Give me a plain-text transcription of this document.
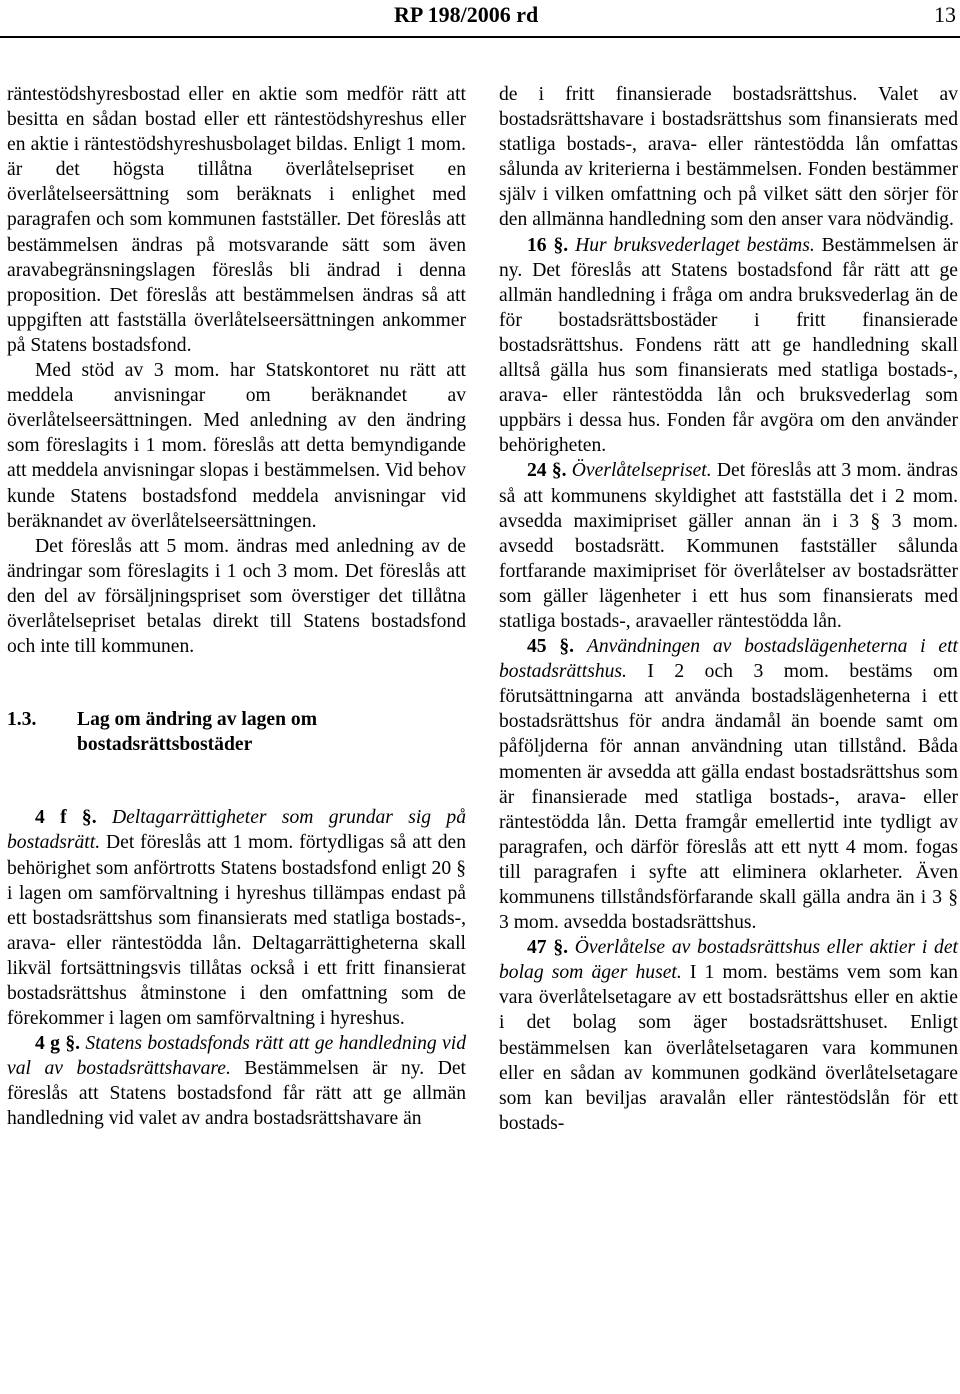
RP 198/2006 rd	13

räntestödshyresbostad eller en aktie som medför rätt att besitta en sådan bostad eller ett räntestödshyreshus eller en aktie i räntestödshyreshusbolaget bildas. Enligt 1 mom. är det högsta tillåtna överlåtelsepriset en överlåtelseersättning som beräknats i enlighet med paragrafen och som kommunen fastställer. Det föreslås att bestämmelsen ändras på motsvarande sätt som även aravabegränsningslagen föreslås bli ändrad i denna proposition. Det föreslås att bestämmelsen ändras så att uppgiften att fastställa överlåtelseersättningen ankommer på Statens bostadsfond.

Med stöd av 3 mom. har Statskontoret nu rätt att meddela anvisningar om beräknandet av överlåtelseersättningen. Med anledning av den ändring som föreslagits i 1 mom. föreslås att detta bemyndigande att meddela anvisningar slopas i bestämmelsen. Vid behov kunde Statens bostadsfond meddela anvisningar vid beräknandet av överlåtelseersättningen.

Det föreslås att 5 mom. ändras med anledning av de ändringar som föreslagits i 1 och 3 mom. Det föreslås att den del av försäljningspriset som överstiger det tillåtna överlåtelsepriset betalas direkt till Statens bostadsfond och inte till kommunen.

1.3.	Lag om ändring av lagen om bostadsrättsbostäder

4 f §. Deltagarrättigheter som grundar sig på bostadsrätt. Det föreslås att 1 mom. förtydligas så att den behörighet som anförtrotts Statens bostadsfond enligt 20 § i lagen om samförvaltning i hyreshus tillämpas endast på ett bostadsrättshus som finansierats med statliga bostads-, arava- eller räntestödda lån. Deltagarrättigheterna skall likväl fortsättningsvis tillåtas också i ett fritt finansierat bostadsrättshus åtminstone i den omfattning som de förekommer i lagen om samförvaltning i hyreshus.

4 g §. Statens bostadsfonds rätt att ge handledning vid val av bostadsrättshavare. Bestämmelsen är ny. Det föreslås att Statens bostadsfond får rätt att ge allmän handledning vid valet av andra bostadsrättshavare än

de i fritt finansierade bostadsrättshus. Valet av bostadsrättshavare i bostadsrättshus som finansierats med statliga bostads-, arava- eller räntestödda lån omfattas sålunda av kriterierna i bestämmelsen. Fonden bestämmer själv i vilken omfattning och på vilket sätt den sörjer för den allmänna handledning som den anser vara nödvändig.

16 §. Hur bruksvederlaget bestäms. Bestämmelsen är ny. Det föreslås att Statens bostadsfond får rätt att ge allmän handledning i fråga om andra bruksvederlag än de för bostadsrättsbostäder i fritt finansierade bostadsrättshus. Fondens rätt att ge handledning skall alltså gälla hus som finansierats med statliga bostads-, arava- eller räntestödda lån och bruksvederlag som uppbärs i dessa hus. Fonden får avgöra om den använder behörigheten.

24 §. Överlåtelsepriset. Det föreslås att 3 mom. ändras så att kommunens skyldighet att fastställa det i 2 mom. avsedda maximipriset gäller annan än i 3 § 3 mom. avsedd bostadsrätt. Kommunen fastställer sålunda fortfarande maximipriset för överlåtelser av bostadsrätter som gäller lägenheter i ett hus som finansierats med statliga bostads-, aravaeller räntestödda lån.

45 §. Användningen av bostadslägenheterna i ett bostadsrättshus. I 2 och 3 mom. bestäms om förutsättningarna att använda bostadslägenheterna i ett bostadsrättshus för andra ändamål än boende samt om påföljderna för annan användning utan tillstånd. Båda momenten är avsedda att gälla endast bostadsrättshus som är finansierade med statliga bostads-, arava- eller räntestödda lån. Detta framgår emellertid inte tydligt av paragrafen, och därför föreslås att ett nytt 4 mom. fogas till paragrafen i syfte att eliminera oklarheter. Även kommunens tillståndsförfarande skall gälla andra än i 3 § 3 mom. avsedda bostadsrättshus.

47 §. Överlåtelse av bostadsrättshus eller aktier i det bolag som äger huset. I 1 mom. bestäms vem som kan vara överlåtelsetagare av ett bostadsrättshus eller en aktie i det bolag som äger bostadsrättshuset. Enligt bestämmelsen kan överlåtelsetagaren vara kommunen eller en sådan av kommunen godkänd överlåtelsetagare som kan beviljas aravalån eller räntestödslån för ett bostads-
